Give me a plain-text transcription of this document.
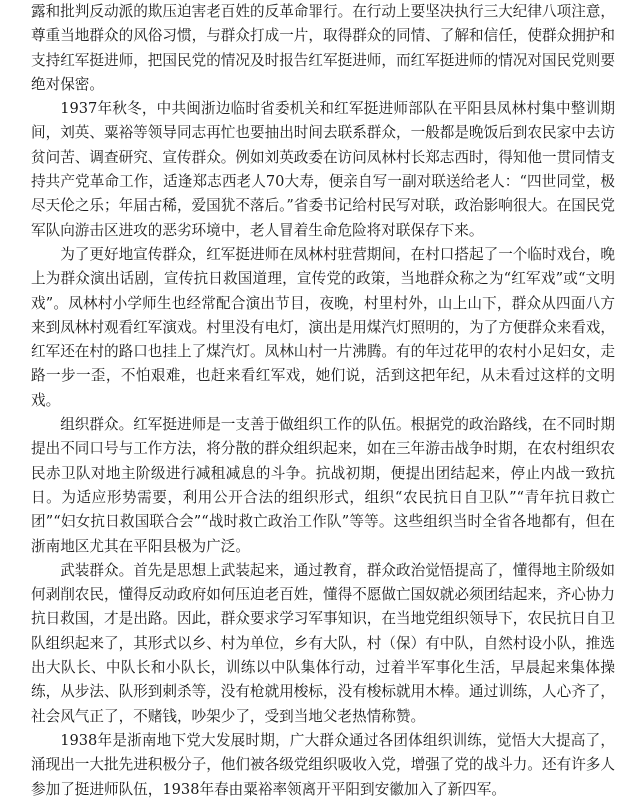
露和批判反动派的欺压迫害老百姓的反革命罪行。在行动上要坚决执行三大纪律八项注意，尊重当地群众的风俗习惯，与群众打成一片，取得群众的同情、了解和信任，使群众拥护和支持红军挺进师，把国民党的情况及时报告红军挺进师，而红军挺进师的情况对国民党则要绝对保密。

1937年秋冬，中共闽浙边临时省委机关和红军挺进师部队在平阳县凤林村集中整训期间，刘英、粟裕等领导同志再忙也要抽出时间去联系群众，一般都是晚饭后到农民家中去访贫问苦、调查研究、宣传群众。例如刘英政委在访问凤林村长郑志西时，得知他一贯同情支持共产党革命工作，适逢郑志西老人70大寿，便亲自写一副对联送给老人：“四世同堂，极尽天伦之乐；年届古稀，爱国犹不落后。”省委书记给村民写对联，政治影响很大。在国民党军队向游击区进攻的恶劣环境中，老人冒着生命危险将对联保存下来。

为了更好地宣传群众，红军挺进师在凤林村驻营期间，在村口搭起了一个临时戏台，晚上为群众演出话剧，宣传抗日救国道理，宣传党的政策，当地群众称之为“红军戏”或“文明戏”。凤林村小学师生也经常配合演出节目，夜晚，村里村外，山上山下，群众从四面八方来到凤林村观看红军演戏。村里没有电灯，演出是用煤汽灯照明的，为了方便群众来看戏，红军还在村的路口也挂上了煤汽灯。凤林山村一片沸腾。有的年过花甲的农村小足妇女，走路一步一歪，不怕艰难，也赶来看红军戏，她们说，活到这把年纪，从未看过这样的文明戏。

组织群众。红军挺进师是一支善于做组织工作的队伍。根据党的政治路线，在不同时期提出不同口号与工作方法，将分散的群众组织起来，如在三年游击战争时期，在农村组织农民赤卫队对地主阶级进行减租减息的斗争。抗战初期，便提出团结起来，停止内战一致抗日。为适应形势需要，利用公开合法的组织形式，组织“农民抗日自卫队”“青年抗日救亡团”“妇女抗日救国联合会”“战时救亡政治工作队”等等。这些组织当时全省各地都有，但在浙南地区尤其在平阳县极为广泛。

武装群众。首先是思想上武装起来，通过教育，群众政治觉悟提高了，懂得地主阶级如何剥削农民，懂得反动政府如何压迫老百姓，懂得不愿做亡国奴就必须团结起来，齐心协力抗日救国，才是出路。因此，群众要求学习军事知识，在当地党组织领导下，农民抗日自卫队组织起来了，其形式以乡、村为单位，乡有大队，村（保）有中队，自然村设小队，推选出大队长、中队长和小队长，训练以中队集体行动，过着半军事化生活，早晨起来集体操练，从步法、队形到刺杀等，没有枪就用梭标，没有梭标就用木棒。通过训练，人心齐了，社会风气正了，不赌钱，吵架少了，受到当地父老热情称赞。

1938年是浙南地下党大发展时期，广大群众通过各团体组织训练，觉悟大大提高了，涌现出一大批先进积极分子，他们被各级党组织吸收入党，增强了党的战斗力。还有许多人参加了挺进师队伍，1938年春由粟裕率领离开平阳到安徽加入了新四军。
